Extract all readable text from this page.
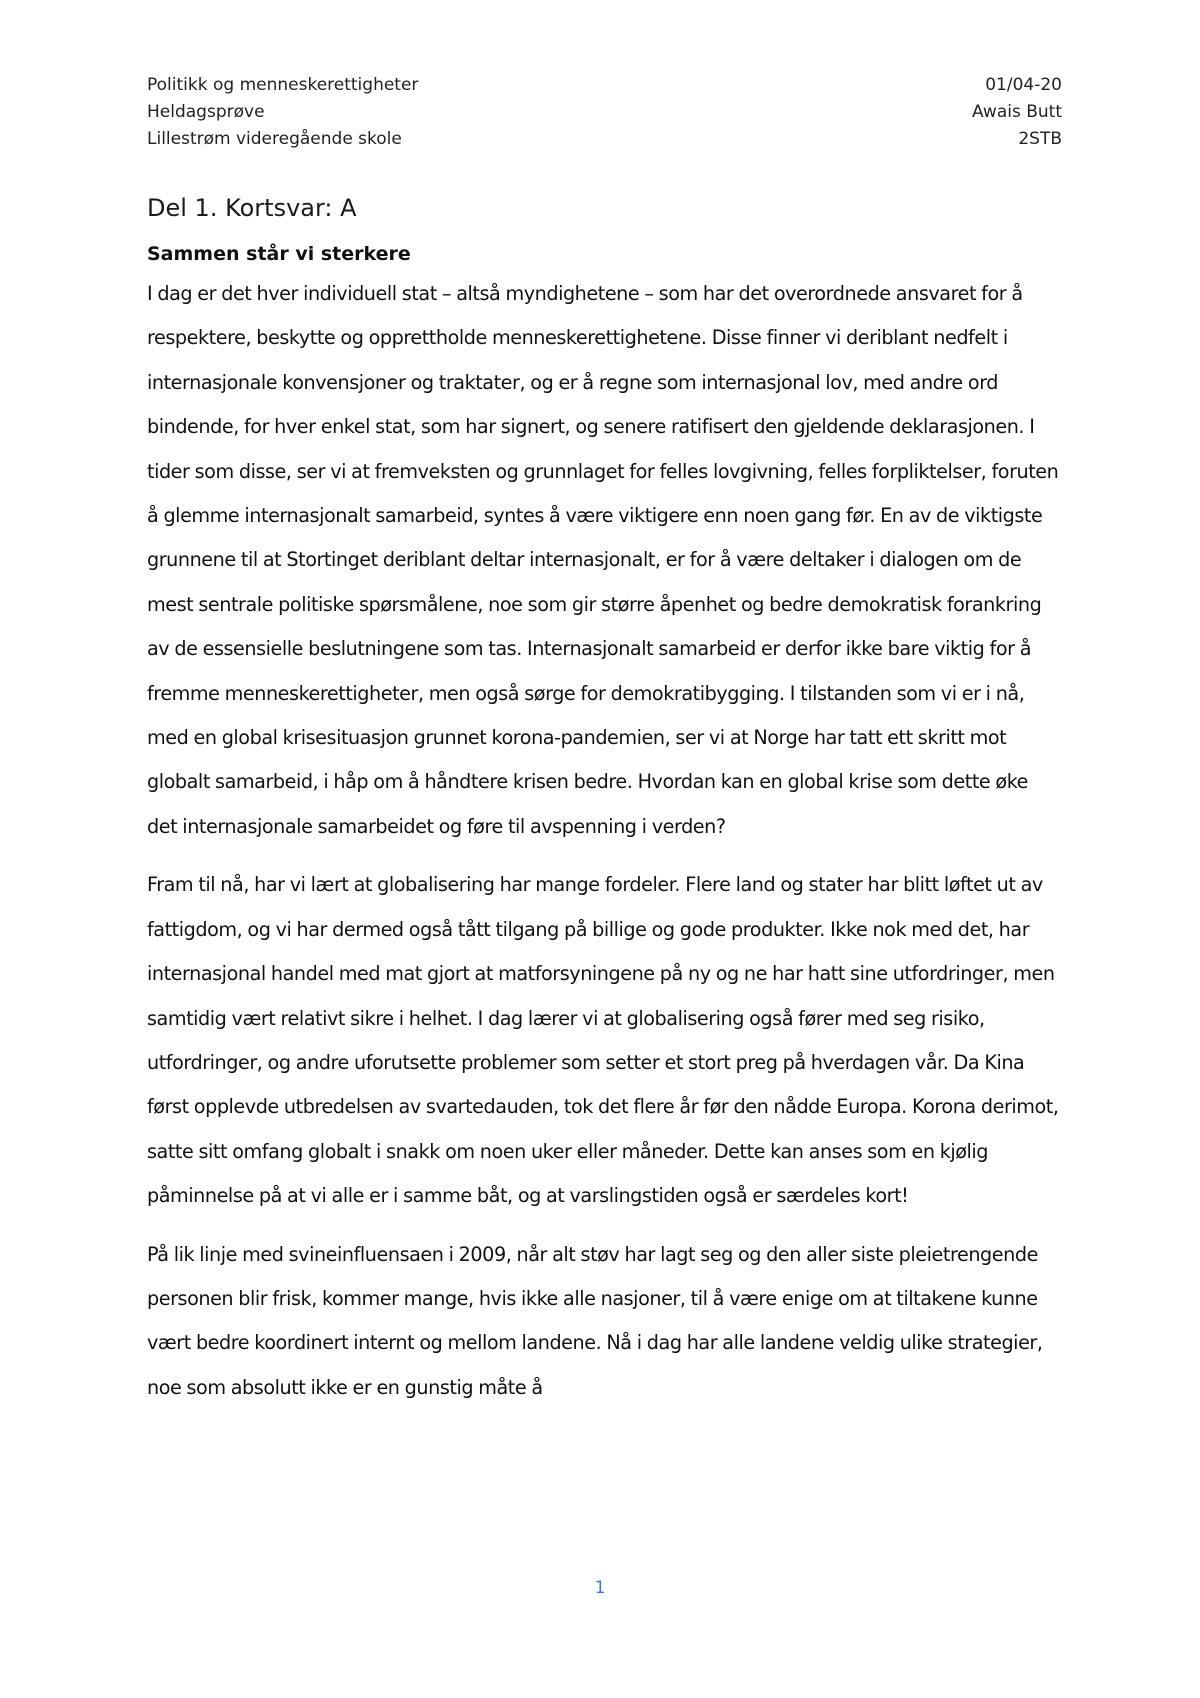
Politikk og menneskerettigheter	01/04-20
Heldagsprøve	Awais Butt
Lillestrøm videregående skole	2STB
Del 1. Kortsvar: A
Sammen står vi sterkere

I dag er det hver individuell stat – altså myndighetene – som har det overordnede ansvaret for å respektere, beskytte og opprettholde menneskerettighetene. Disse finner vi deriblant nedfelt i internasjonale konvensjoner og traktater, og er å regne som internasjonal lov, med andre ord bindende, for hver enkel stat, som har signert, og senere ratifisert den gjeldende deklarasjonen. I tider som disse, ser vi at fremveksten og grunnlaget for felles lovgivning, felles forpliktelser, foruten å glemme internasjonalt samarbeid, syntes å være viktigere enn noen gang før. En av de viktigste grunnene til at Stortinget deriblant deltar internasjonalt, er for å være deltaker i dialogen om de mest sentrale politiske spørsmålene, noe som gir større åpenhet og bedre demokratisk forankring av de essensielle beslutningene som tas. Internasjonalt samarbeid er derfor ikke bare viktig for å fremme menneskerettigheter, men også sørge for demokratibygging. I tilstanden som vi er i nå, med en global krisesituasjon grunnet korona-pandemien, ser vi at Norge har tatt ett skritt mot globalt samarbeid, i håp om å håndtere krisen bedre. Hvordan kan en global krise som dette øke det internasjonale samarbeidet og føre til avspenning i verden?

Fram til nå, har vi lært at globalisering har mange fordeler. Flere land og stater har blitt løftet ut av fattigdom, og vi har dermed også tått tilgang på billige og gode produkter. Ikke nok med det, har internasjonal handel med mat gjort at matforsyningene på ny og ne har hatt sine utfordringer, men samtidig vært relativt sikre i helhet. I dag lærer vi at globalisering også fører med seg risiko, utfordringer, og andre uforutsette problemer som setter et stort preg på hverdagen vår. Da Kina først opplevde utbredelsen av svartedauden, tok det flere år før den nådde Europa. Korona derimot, satte sitt omfang globalt i snakk om noen uker eller måneder. Dette kan anses som en kjølig påminnelse på at vi alle er i samme båt, og at varslingstiden også er særdeles kort!

På lik linje med svineinfluensaen i 2009, når alt støv har lagt seg og den aller siste pleietrengende personen blir frisk, kommer mange, hvis ikke alle nasjoner, til å være enige om at tiltakene kunne vært bedre koordinert internt og mellom landene. Nå i dag har alle landene veldig ulike strategier, noe som absolutt ikke er en gunstig måte å

1
